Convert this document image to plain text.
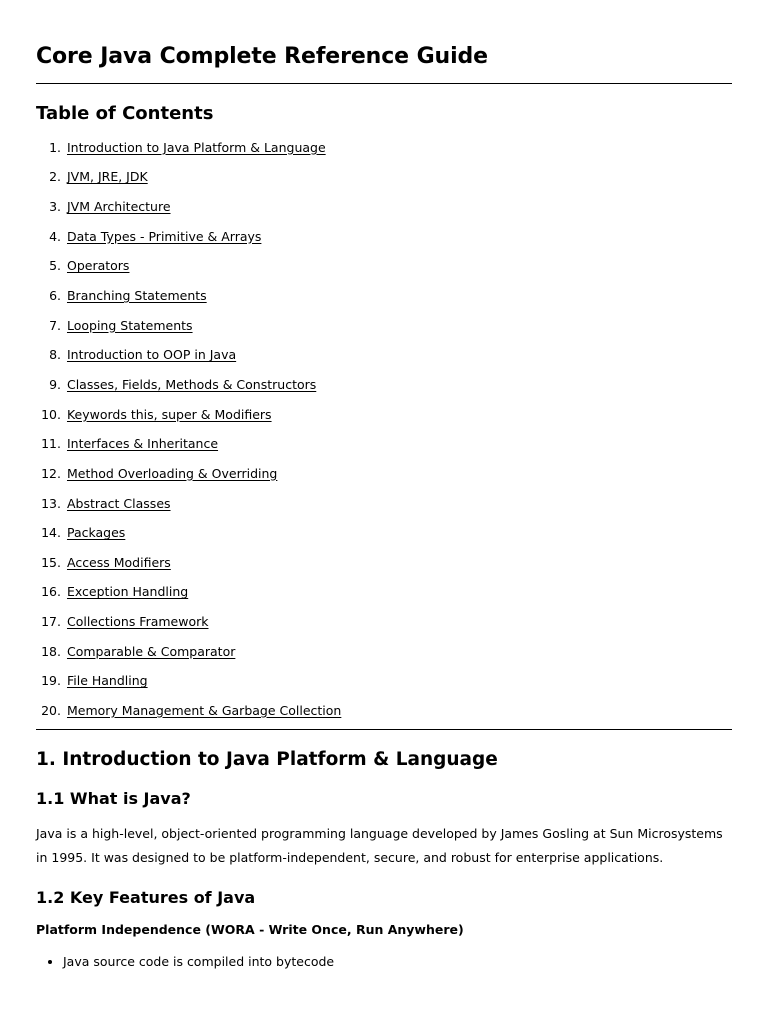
Core Java Complete Reference Guide
Table of Contents
1.
Introduction to Java Platform & Language
2.
JVM, JRE, JDK
3.
JVM Architecture
4.
Data Types - Primitive & Arrays
5.
Operators
6.
Branching Statements
7.
Looping Statements
8.
Introduction to OOP in Java
9.
Classes, Fields, Methods & Constructors
10.
Keywords this, super & Modifiers
11.
Interfaces & Inheritance
12.
Method Overloading & Overriding
13.
Abstract Classes
14.
Packages
15.
Access Modifiers
16.
Exception Handling
17.
Collections Framework
18.
Comparable & Comparator
19.
File Handling
20.
Memory Management & Garbage Collection
1. Introduction to Java Platform & Language
1.1 What is Java?

Java is a high-level, object-oriented programming language developed by James Gosling at Sun Microsystems in 1995. It was designed to be platform-independent, secure, and robust for enterprise applications.

1.2 Key Features of Java

Platform Independence (WORA - Write Once, Run Anywhere)

• Java source code is compiled into bytecode
